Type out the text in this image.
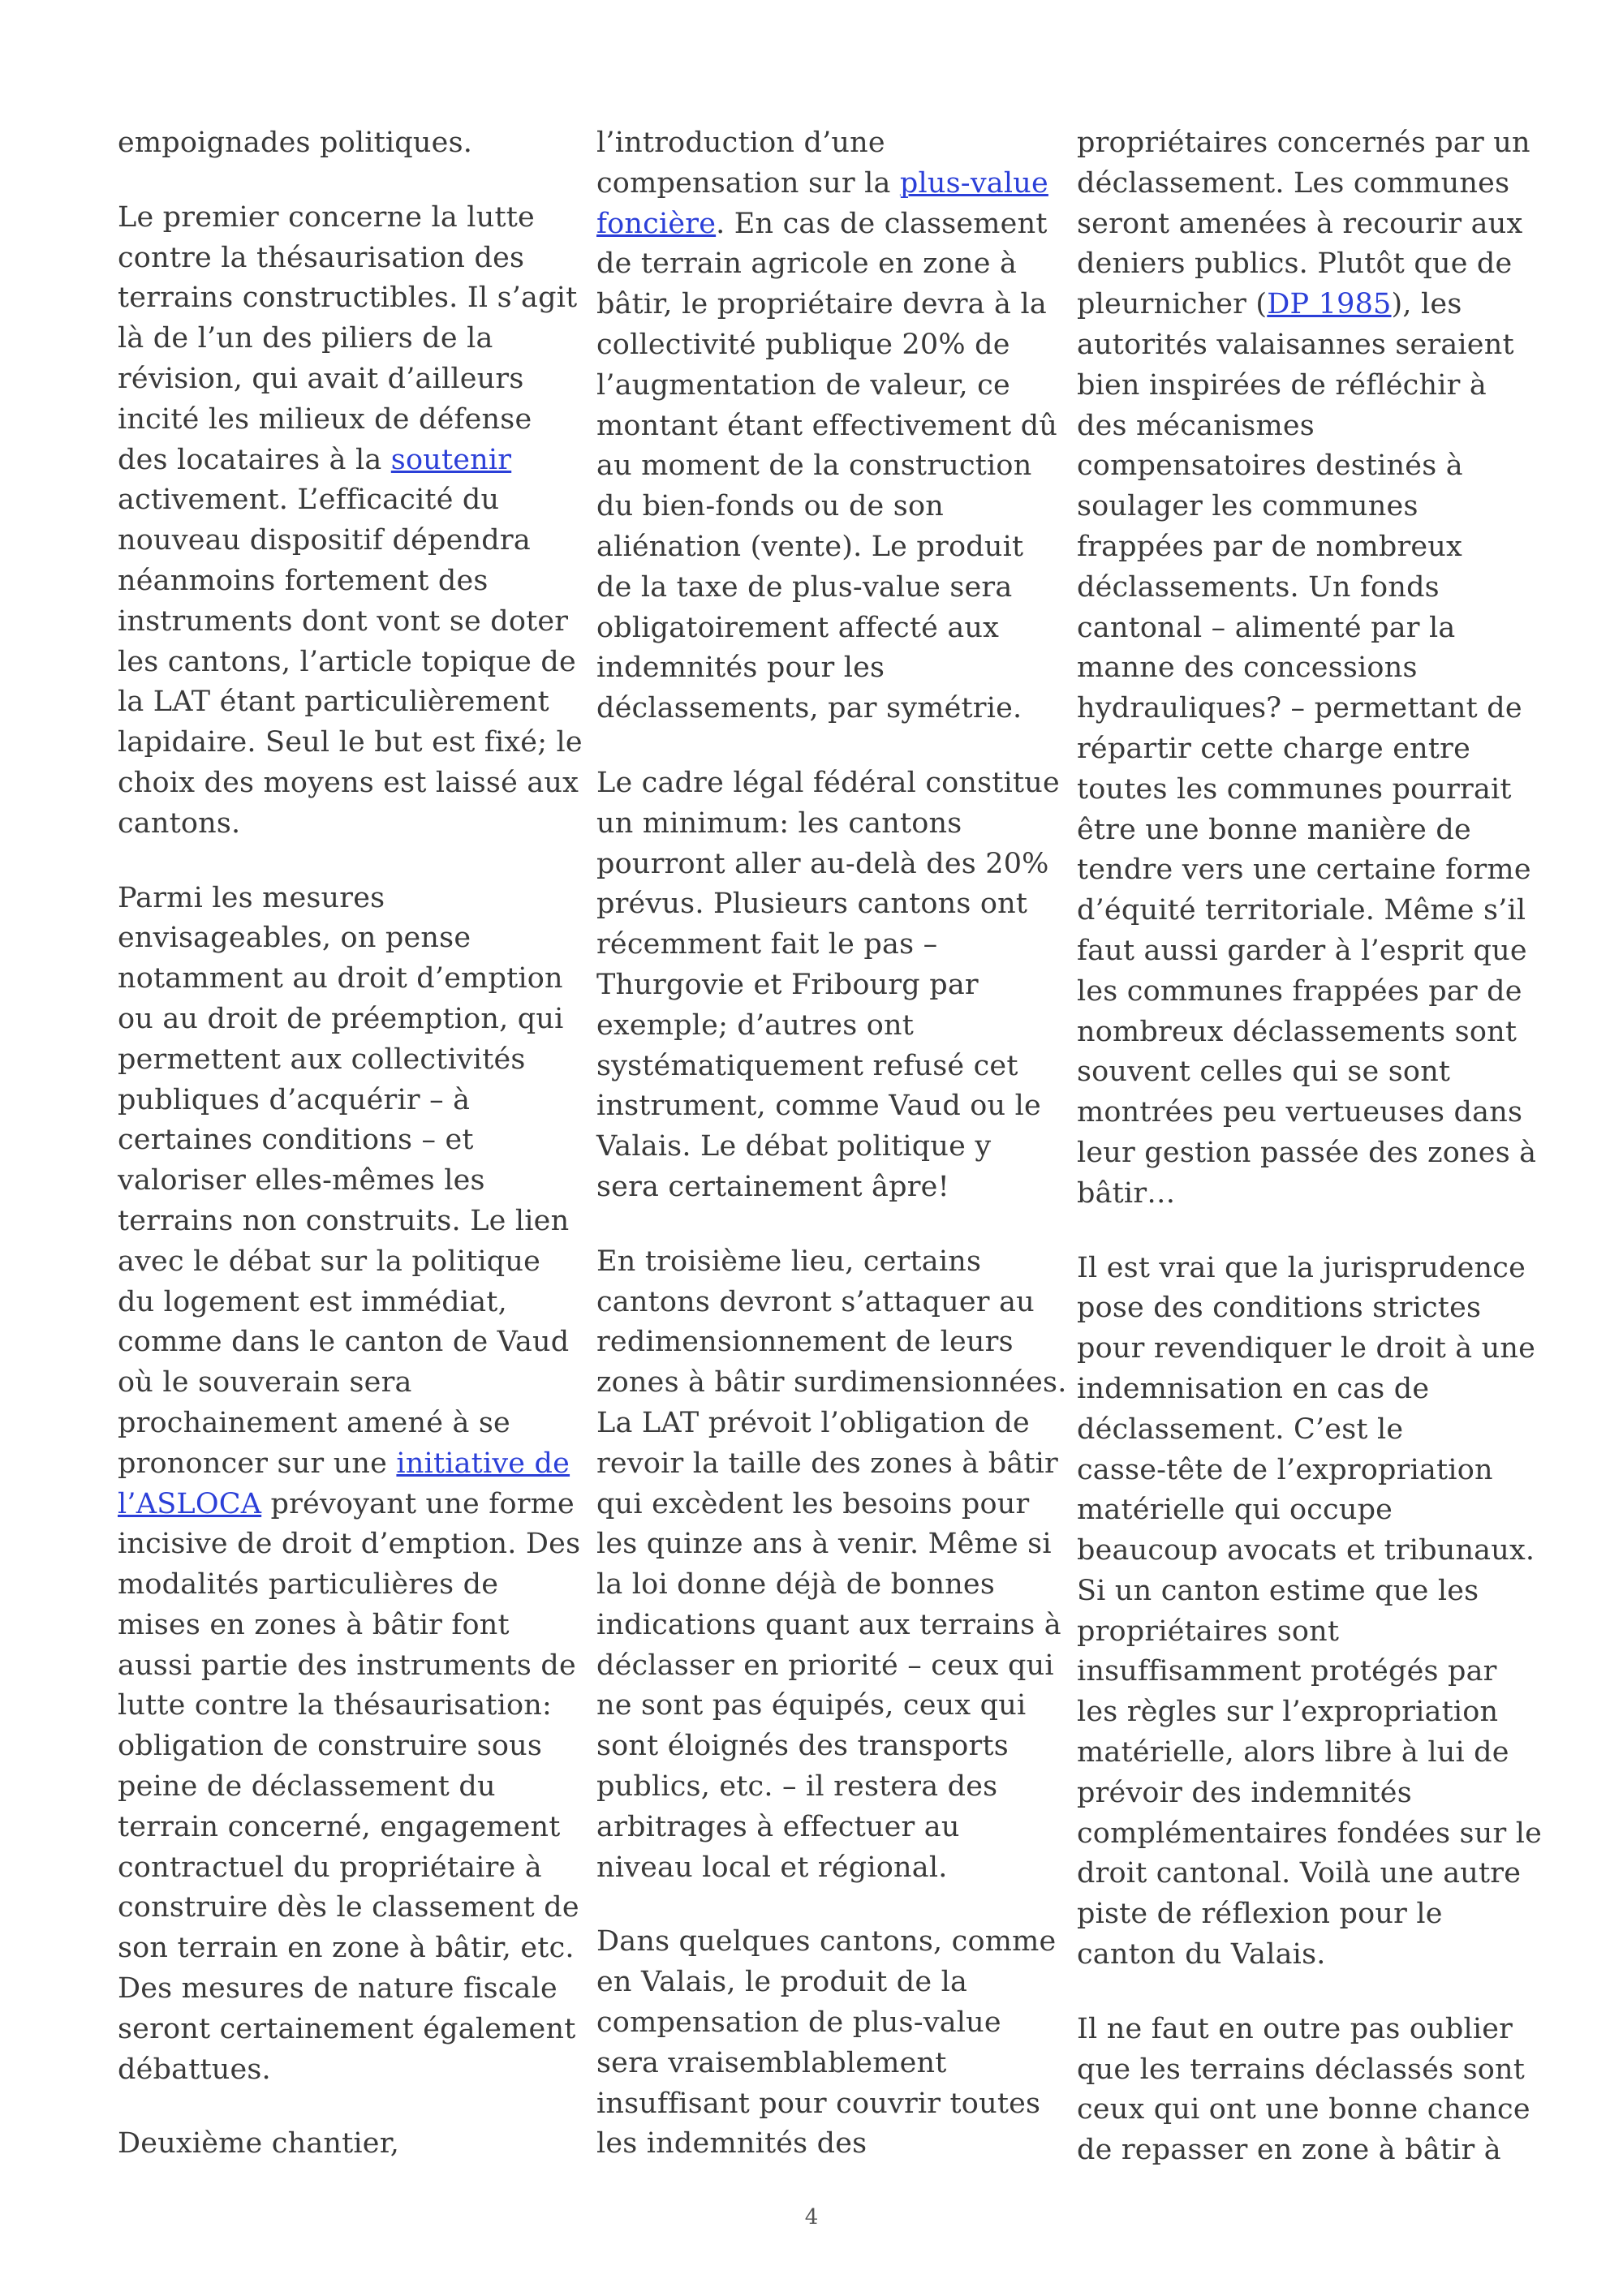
empoignades politiques.

Le premier concerne la lutte
contre la thésaurisation des
terrains constructibles. Il s’agit
là de l’un des piliers de la
révision, qui avait d’ailleurs
incité les milieux de défense
des locataires à la soutenir
activement. L’efficacité du
nouveau dispositif dépendra
néanmoins fortement des
instruments dont vont se doter
les cantons, l’article topique de
la LAT étant particulièrement
lapidaire. Seul le but est fixé; le
choix des moyens est laissé aux
cantons.

Parmi les mesures
envisageables, on pense
notamment au droit d’emption
ou au droit de préemption, qui
permettent aux collectivités
publiques d’acquérir – à
certaines conditions – et
valoriser elles-mêmes les
terrains non construits. Le lien
avec le débat sur la politique
du logement est immédiat,
comme dans le canton de Vaud
où le souverain sera
prochainement amené à se
prononcer sur une initiative de
l’ASLOCA prévoyant une forme
incisive de droit d’emption. Des
modalités particulières de
mises en zones à bâtir font
aussi partie des instruments de
lutte contre la thésaurisation:
obligation de construire sous
peine de déclassement du
terrain concerné, engagement
contractuel du propriétaire à
construire dès le classement de
son terrain en zone à bâtir, etc.
Des mesures de nature fiscale
seront certainement également
débattues.

Deuxième chantier,

l’introduction d’une
compensation sur la plus-value
foncière. En cas de classement
de terrain agricole en zone à
bâtir, le propriétaire devra à la
collectivité publique 20% de
l’augmentation de valeur, ce
montant étant effectivement dû
au moment de la construction
du bien-fonds ou de son
aliénation (vente). Le produit
de la taxe de plus-value sera
obligatoirement affecté aux
indemnités pour les
déclassements, par symétrie.

Le cadre légal fédéral constitue
un minimum: les cantons
pourront aller au-delà des 20%
prévus. Plusieurs cantons ont
récemment fait le pas –
Thurgovie et Fribourg par
exemple; d’autres ont
systématiquement refusé cet
instrument, comme Vaud ou le
Valais. Le débat politique y
sera certainement âpre!

En troisième lieu, certains
cantons devront s’attaquer au
redimensionnement de leurs
zones à bâtir surdimensionnées.
La LAT prévoit l’obligation de
revoir la taille des zones à bâtir
qui excèdent les besoins pour
les quinze ans à venir. Même si
la loi donne déjà de bonnes
indications quant aux terrains à
déclasser en priorité – ceux qui
ne sont pas équipés, ceux qui
sont éloignés des transports
publics, etc. – il restera des
arbitrages à effectuer au
niveau local et régional.

Dans quelques cantons, comme
en Valais, le produit de la
compensation de plus-value
sera vraisemblablement
insuffisant pour couvrir toutes
les indemnités des

propriétaires concernés par un
déclassement. Les communes
seront amenées à recourir aux
deniers publics. Plutôt que de
pleurnicher (DP 1985), les
autorités valaisannes seraient
bien inspirées de réfléchir à
des mécanismes
compensatoires destinés à
soulager les communes
frappées par de nombreux
déclassements. Un fonds
cantonal – alimenté par la
manne des concessions
hydrauliques? – permettant de
répartir cette charge entre
toutes les communes pourrait
être une bonne manière de
tendre vers une certaine forme
d’équité territoriale. Même s’il
faut aussi garder à l’esprit que
les communes frappées par de
nombreux déclassements sont
souvent celles qui se sont
montrées peu vertueuses dans
leur gestion passée des zones à
bâtir…

Il est vrai que la jurisprudence
pose des conditions strictes
pour revendiquer le droit à une
indemnisation en cas de
déclassement. C’est le
casse-tête de l’expropriation
matérielle qui occupe
beaucoup avocats et tribunaux.
Si un canton estime que les
propriétaires sont
insuffisamment protégés par
les règles sur l’expropriation
matérielle, alors libre à lui de
prévoir des indemnités
complémentaires fondées sur le
droit cantonal. Voilà une autre
piste de réflexion pour le
canton du Valais.

Il ne faut en outre pas oublier
que les terrains déclassés sont
ceux qui ont une bonne chance
de repasser en zone à bâtir à

4
